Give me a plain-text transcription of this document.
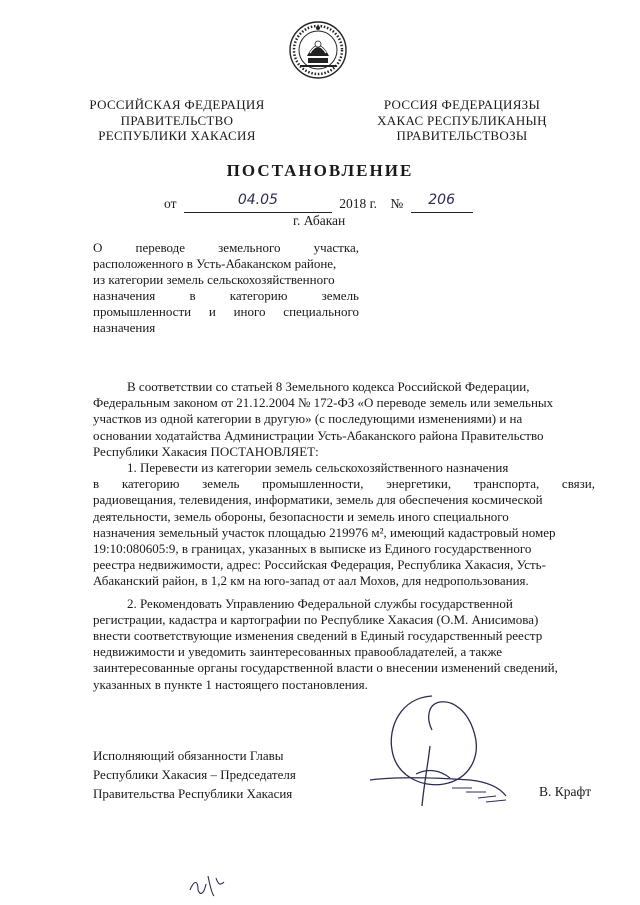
РОССИЙСКАЯ ФЕДЕРАЦИЯ
ПРАВИТЕЛЬСТВО
РЕСПУБЛИКИ ХАКАСИЯ
РОССИЯ ФЕДЕРАЦИЯЗЫ
ХАКАС РЕСПУБЛИКАНЫҢ
ПРАВИТЕЛЬСТВОЗЫ
ПОСТАНОВЛЕНИЕ
от	04.05	2018 г. № 206
г. Абакан
О	переводе	земельного	участка,
расположенного в Усть-Абаканском районе,
из категории земель сельскохозяйственного
назначения	в	категорию	земель
промышленности и иного специального
назначения
В соответствии со статьей 8 Земельного кодекса Российской Федерации,
Федеральным законом от 21.12.2004 № 172-ФЗ «О переводе земель или земельных
участков из одной категории в другую» (с последующими изменениями) и на
основании ходатайства Администрации Усть-Абаканского района Правительство
Республики Хакасия ПОСТАНОВЛЯЕТ:
1. Перевести из категории земель сельскохозяйственного назначения
в категорию земель промышленности, энергетики, транспорта, связи,
радиовещания, телевидения, информатики, земель для обеспечения космической
деятельности, земель обороны, безопасности и земель иного специального
назначения земельный участок площадью 219976 м², имеющий кадастровый номер
19:10:080605:9, в границах, указанных в выписке из Единого государственного
реестра недвижимости, адрес: Российская Федерация, Республика Хакасия, Усть-
Абаканский район, в 1,2 км на юго-запад от аал Мохов, для недропользования.
2. Рекомендовать Управлению Федеральной службы государственной
регистрации, кадастра и картографии по Республике Хакасия (О.М. Анисимова)
внести соответствующие изменения сведений в Единый государственный реестр
недвижимости и уведомить заинтересованных правообладателей, а также
заинтересованные органы государственной власти о внесении изменений сведений,
указанных в пункте 1 настоящего постановления.
Исполняющий обязанности Главы
Республики Хакасия – Председателя
Правительства Республики Хакасия	В. Крафт
